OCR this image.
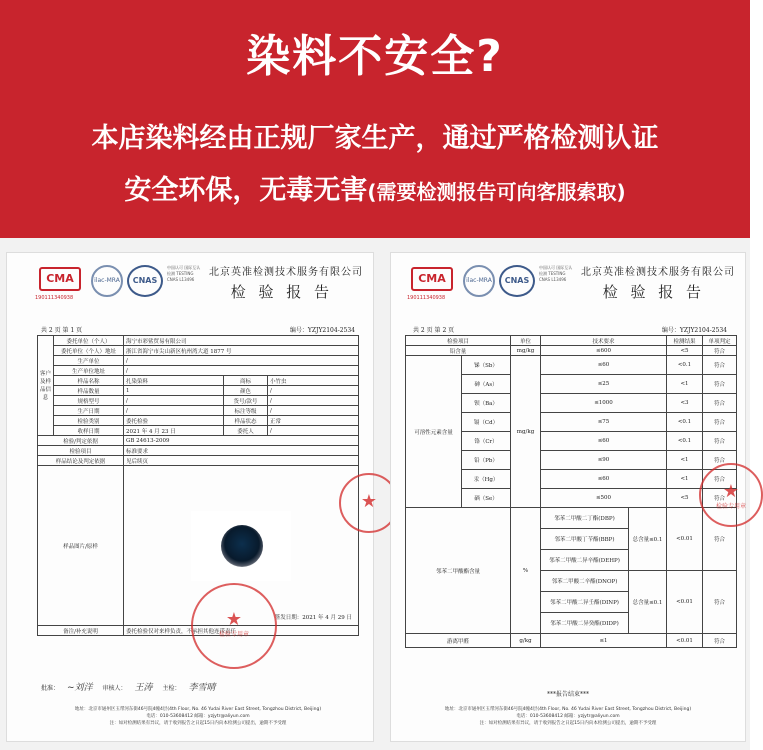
染料不安全?
本店染料经由正规厂家生产，通过严格检测认证
安全环保，无毒无害(需要检测报告可向客服索取)
CMA
190111340938
ilac-MRA	CNAS
中国认可 国际互认 检测 TESTING CNAS L13496
北京英准检测技术服务有限公司
检 验 报 告
共 2 页 第 1 页	编号：YZJY2104-2534
客户及样品信息	委托单位（个人）	海宁市彩鲨贸易有限公司		
	委托单位（个人）地址	浙江省海宁市尖山新区杭州湾大道 1877 号		
	生产单位	/		
	生产单位地址	/		
	样品名称	扎染染料	商标	小竹虫
	样品数量	1	颜色	/
	规格型号	/	货号/款号	/
	生产日期	/	标注等级	/
	检验类别	委托检验	样品状态	正常
	收样日期	2021 年 4 月 23 日	委托人	/
检验/判定依据		GB 24613-2009		
检验项目		标准要求		
样品结论及判定依据		见后续页		
样品图片/原样		签发日期：2021 年 4 月 29 日		

备注/补充说明		委托检验仅对来样负责，不承担其他连带责任		
★
检验专用章
★
批准： ~刘洋 审核人： 王涛 主检： 李雪晴
地址：北京市通州区玉带河东街46号院4幢4层(4th Floor, No. 46 Yudai River East Street, Tongzhou District, Beijing)
电话：010-53608412 邮箱：yzjytr@aliyun.com
注：如对检测结果有异议，请于收到报告之日起15日内向本检测公司提出，逾期不予受理
CMA
190111340938
ilac-MRA	CNAS
中国认可 国际互认 检测 TESTING CNAS L13496
北京英准检测技术服务有限公司
检 验 报 告
共 2 页 第 2 页	编号：YZJY2104-2534
检验项目		单位	技术要求		检测结果	单项判定
铅含量		mg/kg	≤600		<5	符合
可溶性元素含量	锑（Sb）	mg/kg	≤60		<0.1	符合
	砷（As）		≤25		<1	符合
	钡（Ba）		≤1000		<3	符合
	镉（Cd）		≤75		<0.1	符合
	铬（Cr）		≤60		<0.1	符合
	铅（Pb）		≤90		<1	符合
	汞（Hg）		≤60		<1	符合
	硒（Se）		≤500		<5	符合
邻苯二甲酸酯含量		%	邻苯二甲酸二丁酯(DBP)	总含量≤0.1	<0.01	符合
			邻苯二甲酸丁苄酯(BBP)			
			邻苯二甲酸二异辛酯(DEHP)			
			邻苯二甲酸二辛酯(DNOP)	总含量≤0.1	<0.01	符合
			邻苯二甲酸二异壬酯(DINP)			
			邻苯二甲酸二异癸酯(DIDP)			
游离甲醛		g/kg	≤1		<0.01	符合
★
检验专用章
***报告结束***
地址：北京市通州区玉带河东街46号院4幢4层(4th Floor, No. 46 Yudai River East Street, Tongzhou District, Beijing)
电话：010-53608412 邮箱：yzjytr@aliyun.com
注：如对检测结果有异议，请于收到报告之日起15日内向本检测公司提出，逾期不予受理
